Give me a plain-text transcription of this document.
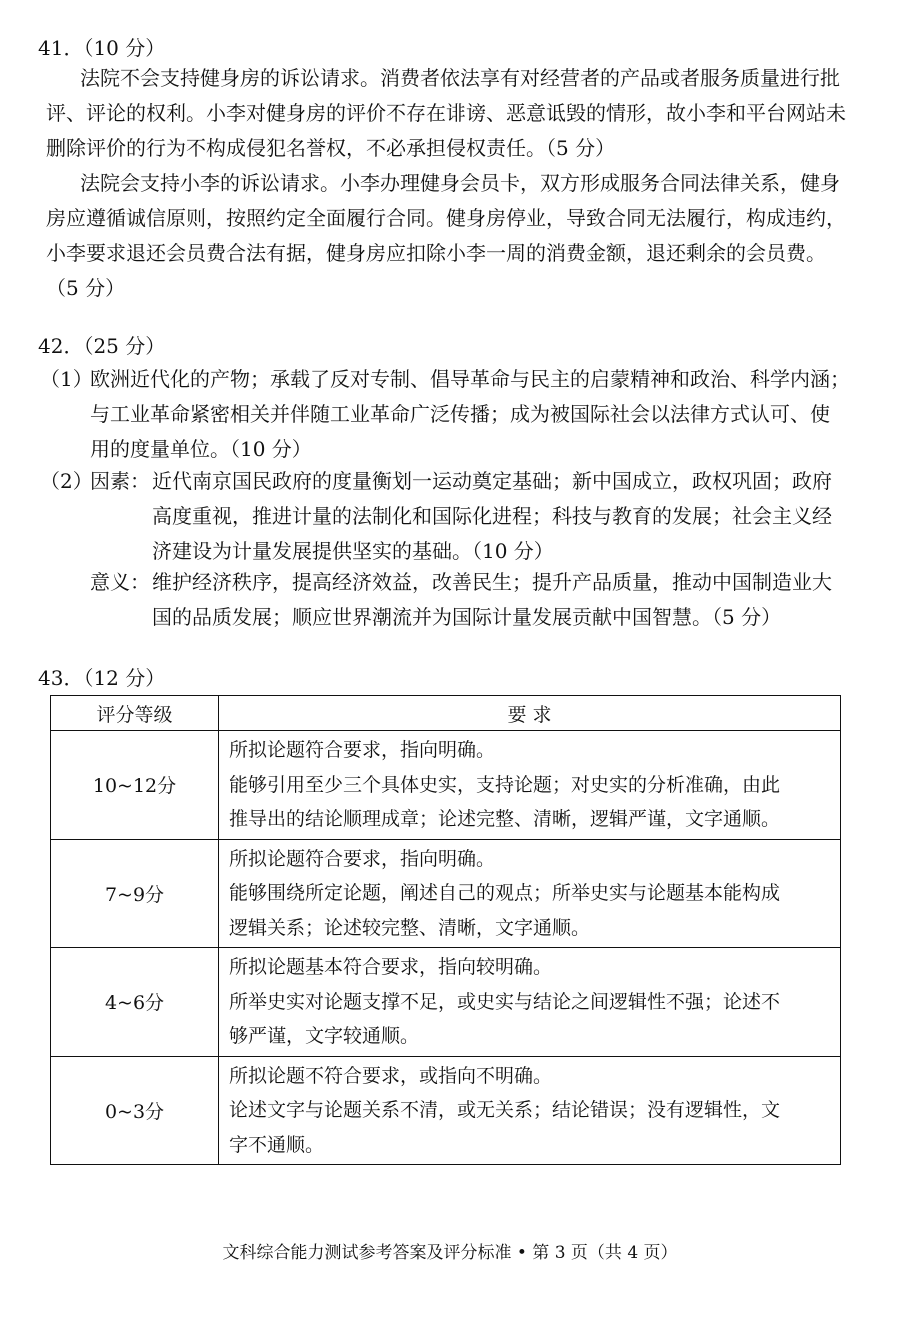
41．（10 分）
法院不会支持健身房的诉讼请求。消费者依法享有对经营者的产品或者服务质量进行批
评、评论的权利。小李对健身房的评价不存在诽谤、恶意诋毁的情形，故小李和平台网站未
删除评价的行为不构成侵犯名誉权，不必承担侵权责任。（5 分）
法院会支持小李的诉讼请求。小李办理健身会员卡，双方形成服务合同法律关系，健身
房应遵循诚信原则，按照约定全面履行合同。健身房停业，导致合同无法履行，构成违约，
小李要求退还会员费合法有据，健身房应扣除小李一周的消费金额，退还剩余的会员费。
（5 分）
42．（25 分）
（1）
欧洲近代化的产物；承载了反对专制、倡导革命与民主的启蒙精神和政治、科学内涵；
与工业革命紧密相关并伴随工业革命广泛传播；成为被国际社会以法律方式认可、使
用的度量单位。（10 分）
（2）
因素： 近代南京国民政府的度量衡划一运动奠定基础；新中国成立，政权巩固；政府
高度重视，推进计量的法制化和国际化进程；科技与教育的发展；社会主义经
济建设为计量发展提供坚实的基础。（10 分）
意义： 维护经济秩序，提高经济效益，改善民生；提升产品质量，推动中国制造业大
国的品质发展；顺应世界潮流并为国际计量发展贡献中国智慧。（5 分）
43．（12 分）
评分等级	要 求
10~12分	所拟论题符合要求，指向明确。
能够引用至少三个具体史实，支持论题；对史实的分析准确，由此
推导出的结论顺理成章；论述完整、清晰，逻辑严谨，文字通顺。

7~9分	所拟论题符合要求，指向明确。
能够围绕所定论题，阐述自己的观点；所举史实与论题基本能构成
逻辑关系；论述较完整、清晰，文字通顺。

4~6分	所拟论题基本符合要求，指向较明确。
所举史实对论题支撑不足，或史实与结论之间逻辑性不强；论述不
够严谨，文字较通顺。

0~3分	所拟论题不符合要求，或指向不明确。
论述文字与论题关系不清，或无关系；结论错误；没有逻辑性，文
字不通顺。
文科综合能力测试参考答案及评分标准 • 第 3 页（共 4 页）
